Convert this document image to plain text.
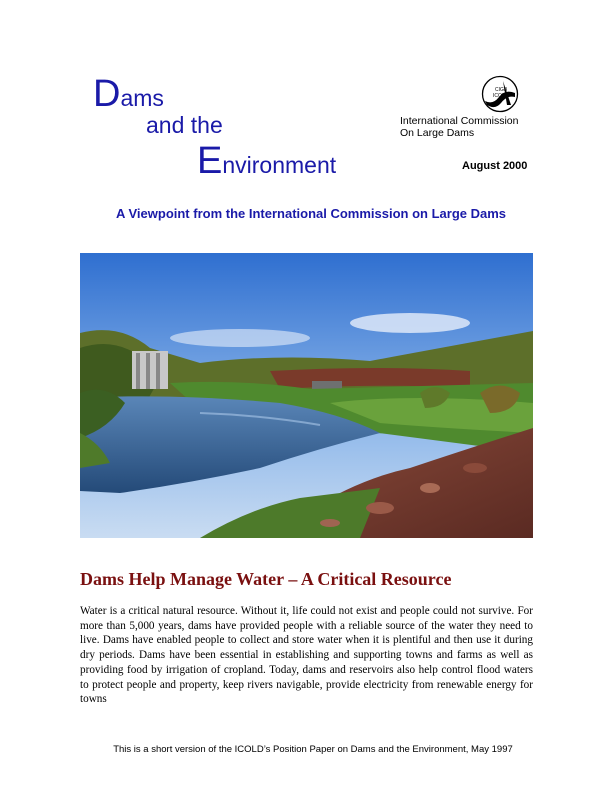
Dams
and the
Environment
CIGB
ICOLD
International Commission
On Large Dams
August 2000
A Viewpoint from the International Commission on Large Dams
Dams Help Manage Water – A Critical Resource
Water is a critical natural resource. Without it, life could not exist and people could not survive. For more than 5,000 years, dams have provided people with a reliable source of the water they need to live. Dams have enabled people to collect and store water when it is plentiful and then use it during dry periods. Dams have been essential in establishing and supporting towns and farms as well as providing food by irrigation of cropland. Today, dams and reservoirs also help control flood waters to protect people and property, keep rivers navigable, provide electricity from renewable energy for towns
This is a short version of the ICOLD’s Position Paper on Dams and the Environment, May 1997
